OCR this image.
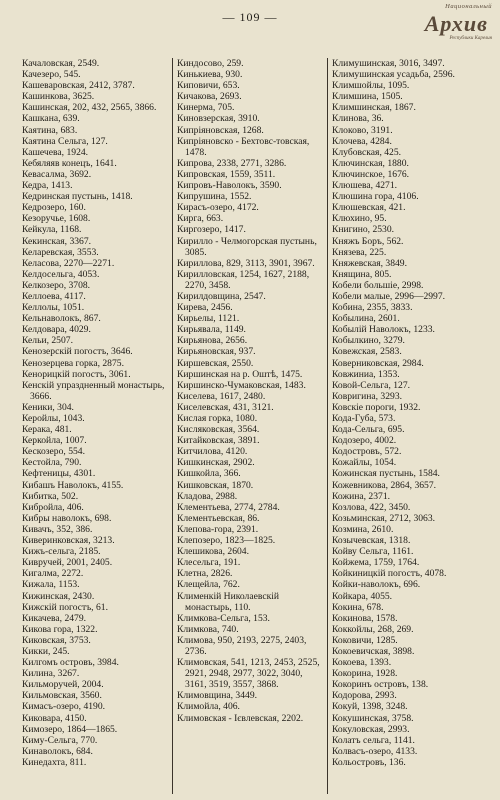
— 109 —
Национальный
Архив
Республики Карелия
Качаловская, 2549.
Качезеро, 545.
Кашеваровская, 2412, 3787.
Кашинкова, 3625.
Кашинская, 202, 432, 2565, 3866.
Кашкана, 639.
Каятина, 683.
Каятина Сельга, 127.
Кашечева, 1924.
Кебяляяв конецъ, 1641.
Кевасалма, 3692.
Кедра, 1413.
Кедринская пустынь, 1418.
Кедрозеро, 160.
Кезоручье, 1608.
Кейкула, 1168.
Кекинская, 3367.
Келаревская, 3553.
Келасова, 2270—2271.
Келдосельга, 4053.
Келкозеро, 3708.
Келлоева, 4117.
Келлолы, 1051.
Кельнаволокъ, 867.
Келдовара, 4029.
Кельи, 2507.
Кенозерскій погостъ, 3646.
Кенозерцева горка, 2875.
Кенорицкій погостъ, 3061.
Кенскій упраздненный монастырь, 3666.
Кеники, 304.
Керойлы, 1043.
Керака, 481.
Керкойла, 1007.
Кескозеро, 554.
Кестойла, 790.
Кефтеницы, 4301.
Кибашъ Наволокъ, 4155.
Кибитка, 502.
Кибройла, 406.
Кибры наволокъ, 698.
Кивачъ, 352, 386.
Киверинковская, 3213.
Кижъ-сельга, 2185.
Кивручей, 2001, 2405.
Кигалма, 2272.
Кижала, 1153.
Кижинская, 2430.
Кижскій погостъ, 61.
Кикачева, 2479.
Кикова гора, 1322.
Киковская, 3753.
Кикки, 245.
Килгомъ островъ, 3984.
Килина, 3267.
Кильморучей, 2004.
Кильмовская, 3560.
Кимасъ-озеро, 4190.
Киковара, 4150.
Кимозеро, 1864—1865.
Киму-Сельга, 770.
Кинаволокъ, 684.
Кинедахта, 811.
Киндосово, 259.
Кинькиева, 930.
Киповичи, 653.
Кичакова, 2693.
Кинерма, 705.
Киновзерская, 3910.
Кипріяновская, 1268.
Кипріяновско - Бехтовс-товская, 1478.
Кипрова, 2338, 2771, 3286.
Кипровская, 1559, 3511.
Кипровъ-Наволокъ, 3590.
Кипрушина, 1552.
Кирасъ-озеро, 4172.
Кирга, 663.
Киргозеро, 1417.
Кирилло - Челмогорская пустынь, 3085.
Кириллова, 829, 3113, 3901, 3967.
Кирилловская, 1254, 1627, 2188, 2270, 3458.
Кирилдовщина, 2547.
Кирева, 2456.
Кирьелы, 1121.
Кирьявала, 1149.
Кирьянова, 2656.
Кирьяновская, 937.
Киршевская, 2550.
Киршинская на р. Оштѣ, 1475.
Киршинско-Чумаковская, 1483.
Киселева, 1617, 2480.
Киселевская, 431, 3121.
Кислая горка, 1080.
Кисляковская, 3564.
Китайковская, 3891.
Китчилова, 4120.
Кишкинская, 2902.
Кишкойла, 366.
Кишковская, 1870.
Кладова, 2988.
Клементьева, 2774, 2784.
Клементьевская, 86.
Клепова-гора, 2391.
Клепозеро, 1823—1825.
Клешикова, 2604.
Клесельга, 191.
Клетна, 2826.
Клещейла, 762.
Клименкій Николаевскій монастырь, 110.
Климкова-Сельга, 153.
Климкова, 740.
Климова, 950, 2193, 2275, 2403, 2736.
Климовская, 541, 1213, 2453, 2525, 2921, 2948, 2977, 3022, 3040, 3161, 3519, 3557, 3868.
Климовщина, 3449.
Климойла, 406.
Климовская - Ієвлевская, 2202.
Климушинская, 3016, 3497.
Климушинская усадьба, 2596.
Климшойлы, 1095.
Климшина, 1505.
Климшинская, 1867.
Клинова, 36.
Клоково, 3191.
Клочева, 4284.
Клубовская, 425.
Ключинская, 1880.
Ключинское, 1676.
Клюшева, 4271.
Клюшина гора, 4106.
Клюшевская, 421.
Клюхино, 95.
Книгино, 2530.
Княжъ Боръ, 562.
Князева, 225.
Княжевская, 3849.
Княщина, 805.
Кобели большіе, 2998.
Кобели малые, 2996—2997.
Кобина, 2355, 3833.
Кобылина, 2601.
Кобылій Наволокъ, 1233.
Кобылкино, 3279.
Ковежская, 2583.
Коверниковская, 2984.
Ковжиниа, 1353.
Ковой-Сельга, 127.
Ковригина, 3293.
Ковскіе пороги, 1932.
Кода-Губа, 573.
Кода-Сельга, 695.
Кодозеро, 4002.
Кодостровъ, 572.
Кожайлы, 1054.
Кожинская пустынь, 1584.
Кожевникова, 2864, 3657.
Кожина, 2371.
Козлова, 422, 3450.
Козьминская, 2712, 3063.
Козмина, 2610.
Козычевская, 1318.
Койву Сельга, 1161.
Койжема, 1759, 1764.
Койкиницкій погостъ, 4078.
Койки-наволокъ, 696.
Койкара, 4055.
Кокина, 678.
Кокинова, 1578.
Коккойлы, 268, 269.
Коковичи, 1285.
Кокоевичская, 3898.
Кокоева, 1393.
Кокорина, 1928.
Кокоринъ островъ, 138.
Кодорова, 2993.
Кокуй, 1398, 3248.
Кокушинская, 3758.
Кокуловская, 2993.
Колатъ сельга, 1141.
Колвасъ-озеро, 4133.
Кольостровъ, 136.
